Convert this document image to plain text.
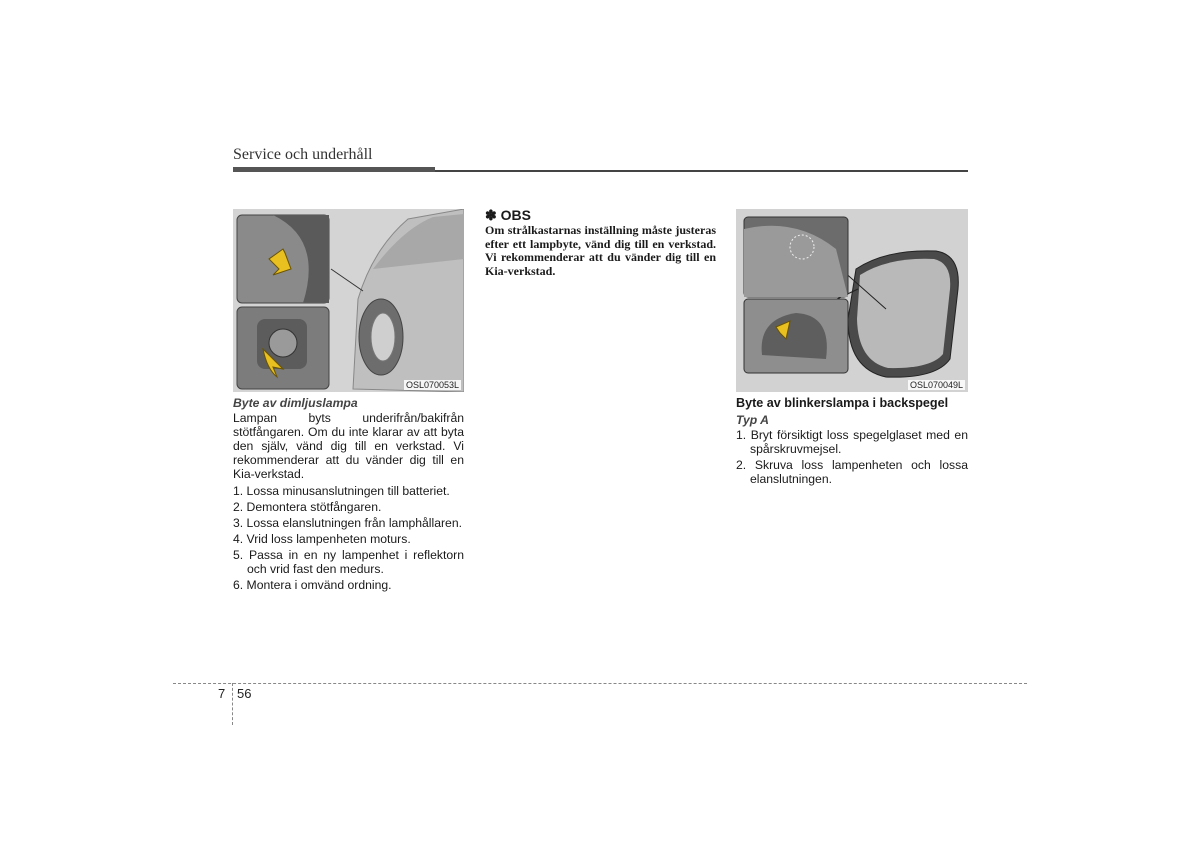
Service och underhåll
OSL070053L	OSL070049L
Byte av dimljuslampa

Lampan byts underifrån/bakifrån stötfångaren. Om du inte klarar av att byta den själv, vänd dig till en verkstad. Vi rekommenderar att du vänder dig till en Kia-verkstad.

1. Lossa minusanslutningen till batteriet.
2. Demontera stötfångaren.
3. Lossa elanslutningen från lamphållaren.
4. Vrid loss lampenheten moturs.
5. Passa in en ny lampenhet i reflektorn och vrid fast den medurs.
6. Montera i omvänd ordning.
✽ OBS
Om strålkastarnas inställning måste justeras efter ett lampbyte, vänd dig till en verkstad. Vi rekommenderar att du vänder dig till en Kia-verkstad.
Byte av blinkerslampa i backspegel
Typ A
1. Bryt försiktigt loss spegelglaset med en spårskruvmejsel.
2. Skruva loss lampenheten och lossa elanslutningen.
7 56
